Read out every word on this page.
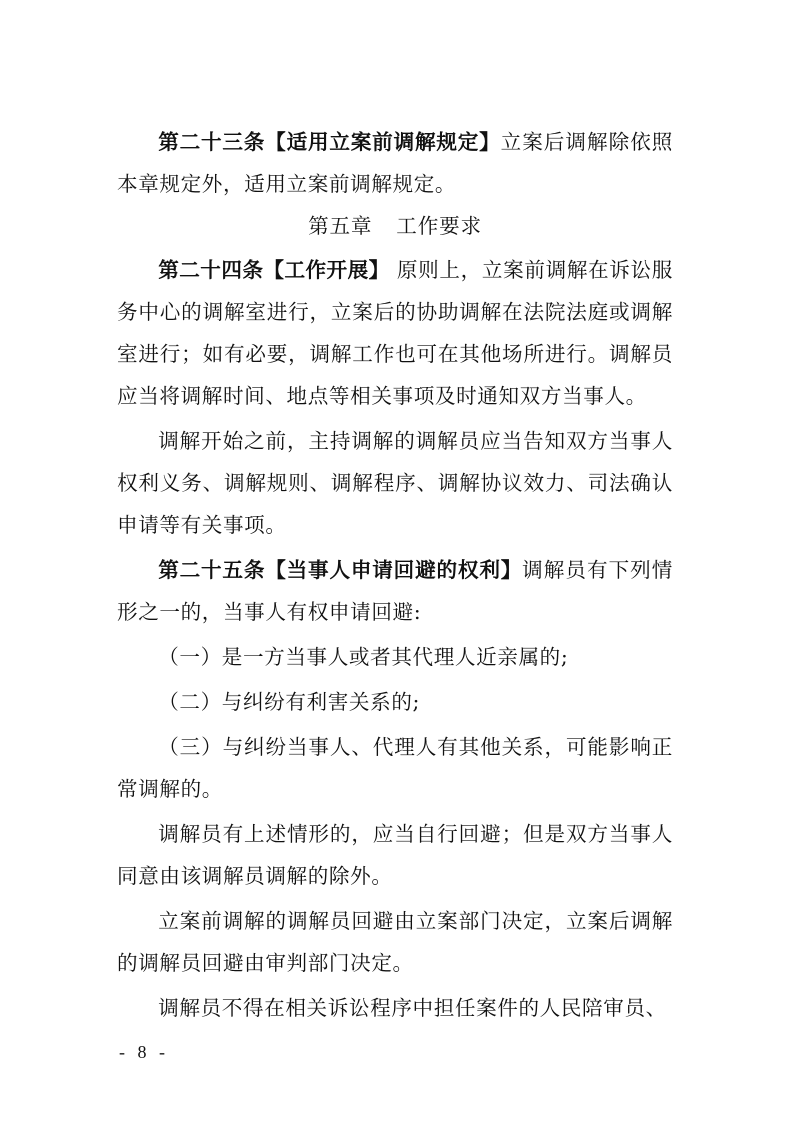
第二十三条【适用立案前调解规定】立案后调解除依照本章规定外，适用立案前调解规定。

第五章 工作要求

第二十四条【工作开展】 原则上，立案前调解在诉讼服务中心的调解室进行，立案后的协助调解在法院法庭或调解室进行；如有必要，调解工作也可在其他场所进行。调解员应当将调解时间、地点等相关事项及时通知双方当事人。

调解开始之前，主持调解的调解员应当告知双方当事人权利义务、调解规则、调解程序、调解协议效力、司法确认申请等有关事项。

第二十五条【当事人申请回避的权利】调解员有下列情形之一的，当事人有权申请回避:

（一）是一方当事人或者其代理人近亲属的;

（二）与纠纷有利害关系的;

（三）与纠纷当事人、代理人有其他关系，可能影响正常调解的。

调解员有上述情形的，应当自行回避；但是双方当事人同意由该调解员调解的除外。

立案前调解的调解员回避由立案部门决定，立案后调解的调解员回避由审判部门决定。

调解员不得在相关诉讼程序中担任案件的人民陪审员、

- 8 -
